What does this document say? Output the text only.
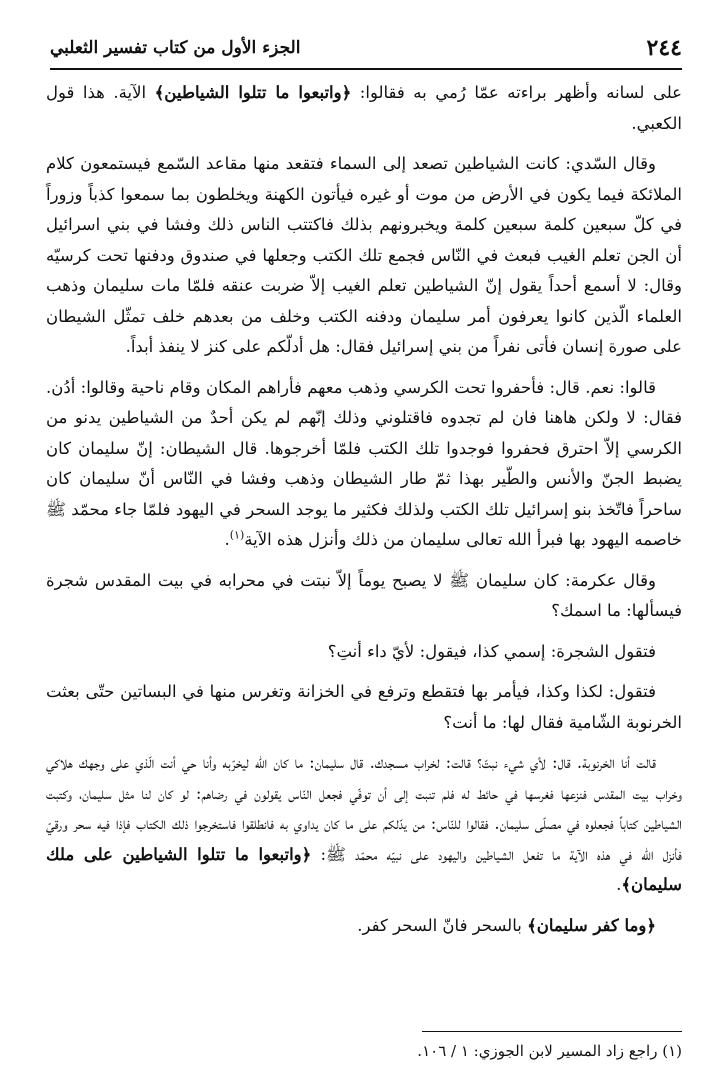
٢٤٤
الجزء الأول من كتاب تفسير الثعلبي

على لسانه وأظهر براءته عمّا رُمي به فقالوا: ﴿واتبعوا ما تتلوا الشياطين﴾ الآية. هذا قول الكعبي.

وقال السّدي: كانت الشياطين تصعد إلى السماء فتقعد منها مقاعد السّمع فيستمعون كلام الملائكة فيما يكون في الأرض من موت أو غيره فيأتون الكهنة ويخلطون بما سمعوا كذباً وزوراً في كلّ سبعين كلمة سبعين كلمة ويخبرونهم بذلك فاكتتب الناس ذلك وفشا في بني اسرائيل أن الجن تعلم الغيب فبعث في النّاس فجمع تلك الكتب وجعلها في صندوق ودفنها تحت كرسيّه وقال: لا أسمع أحداً يقول إنّ الشياطين تعلم الغيب إلاّ ضربت عنقه فلمّا مات سليمان وذهب العلماء الّذين كانوا يعرفون أمر سليمان ودفنه الكتب وخلف من بعدهم خلف تمثّل الشيطان على صورة إنسان فأتى نفراً من بني إسرائيل فقال: هل أدلّكم على كنز لا ينفذ أبداً.

قالوا: نعم. قال: فأحفروا تحت الكرسي وذهب معهم فأراهم المكان وقام ناحية وقالوا: أدُن. فقال: لا ولكن هاهنا فان لم تجدوه فاقتلوني وذلك إنّهم لم يكن أحدٌ من الشياطين يدنو من الكرسي إلاّ احترق فحفروا فوجدوا تلك الكتب فلمّا أخرجوها. قال الشيطان: إنّ سليمان كان يضبط الجنّ والأنس والطّير بهذا ثمّ طار الشيطان وذهب وفشا في النّاس أنّ سليمان كان ساحراً فاتّخذ بنو إسرائيل تلك الكتب ولذلك فكثير ما يوجد السحر في اليهود فلمّا جاء محمّد ﷺ خاصمه اليهود بها فبرأ الله تعالى سليمان من ذلك وأنزل هذه الآية$^{(١)}$.

وقال عكرمة: كان سليمان ﷺ لا يصبح يوماً إلاّ نبتت في محرابه في بيت المقدس شجرة فيسألها: ما اسمك؟

فتقول الشجرة: إسمي كذا، فيقول: لأيّ داء أنتِ؟

فتقول: لكذا وكذا، فيأمر بها فتقطع وترفع في الخزانة وتغرس منها في البساتين حتّى بعثت الخرنوبة الشّامية فقال لها: ما أنت؟

قالت أنا الخرنوبة. قال: لأي شيء نبتّ؟ قالت: لخراب مسجدك. قال سليمان: ما كان الله ليخرّبه وأنا حي أنت الّذي على وجهك هلاكي وخراب بيت المقدس فنزعها فغرسها في حائط له فلم تنبت إلى أن توفّي فجعل النّاس يقولون في رضاهم: لو كان لنا مثل سليمان، وكتبت الشياطين كتاباً فجعلوه في مصلّى سليمان. فقالوا للنّاس: من يدّلكم على ما كان يداوي به فانطلقوا فاستخرجوا ذلك الكتاب فإذا فيه سحر ورقيّ فأنزل الله في هذه الآية ما تفعل الشياطين واليهود على نبيّه محمّد ﷺ: ﴿واتبعوا ما تتلوا الشياطين على ملك سليمان﴾.

﴿وما كفر سليمان﴾ بالسحر فانّ السحر كفر.

(١) راجع زاد المسير لابن الجوزي: ١ / ١٠٦.
